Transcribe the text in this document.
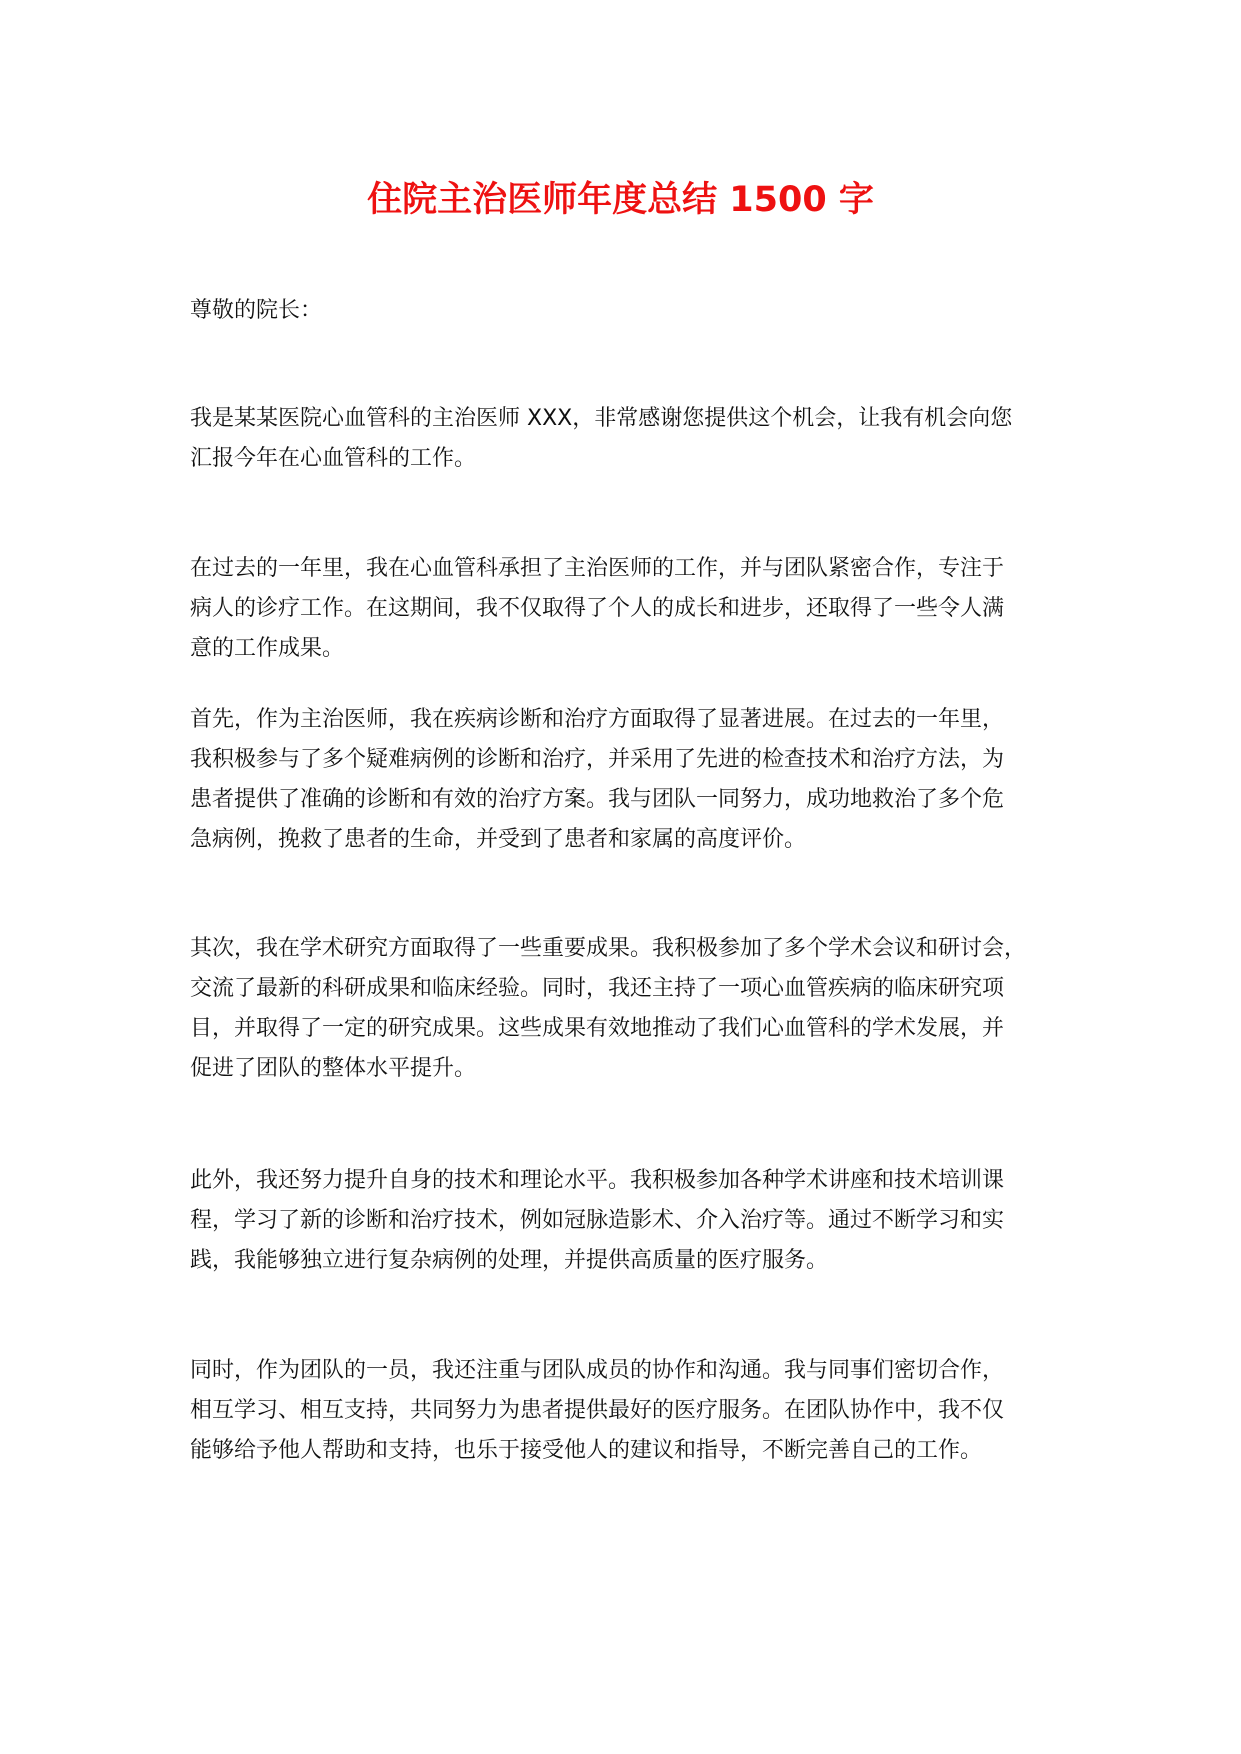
住院主治医师年度总结 1500 字

尊敬的院长：

我是某某医院心血管科的主治医师 XXX，非常感谢您提供这个机会，让我有机会向您
汇报今年在心血管科的工作。

在过去的一年里，我在心血管科承担了主治医师的工作，并与团队紧密合作，专注于
病人的诊疗工作。在这期间，我不仅取得了个人的成长和进步，还取得了一些令人满
意的工作成果。

首先，作为主治医师，我在疾病诊断和治疗方面取得了显著进展。在过去的一年里，
我积极参与了多个疑难病例的诊断和治疗，并采用了先进的检查技术和治疗方法，为
患者提供了准确的诊断和有效的治疗方案。我与团队一同努力，成功地救治了多个危
急病例，挽救了患者的生命，并受到了患者和家属的高度评价。

其次，我在学术研究方面取得了一些重要成果。我积极参加了多个学术会议和研讨会，
交流了最新的科研成果和临床经验。同时，我还主持了一项心血管疾病的临床研究项
目，并取得了一定的研究成果。这些成果有效地推动了我们心血管科的学术发展，并
促进了团队的整体水平提升。

此外，我还努力提升自身的技术和理论水平。我积极参加各种学术讲座和技术培训课
程，学习了新的诊断和治疗技术，例如冠脉造影术、介入治疗等。通过不断学习和实
践，我能够独立进行复杂病例的处理，并提供高质量的医疗服务。

同时，作为团队的一员，我还注重与团队成员的协作和沟通。我与同事们密切合作，
相互学习、相互支持，共同努力为患者提供最好的医疗服务。在团队协作中，我不仅
能够给予他人帮助和支持，也乐于接受他人的建议和指导，不断完善自己的工作。
